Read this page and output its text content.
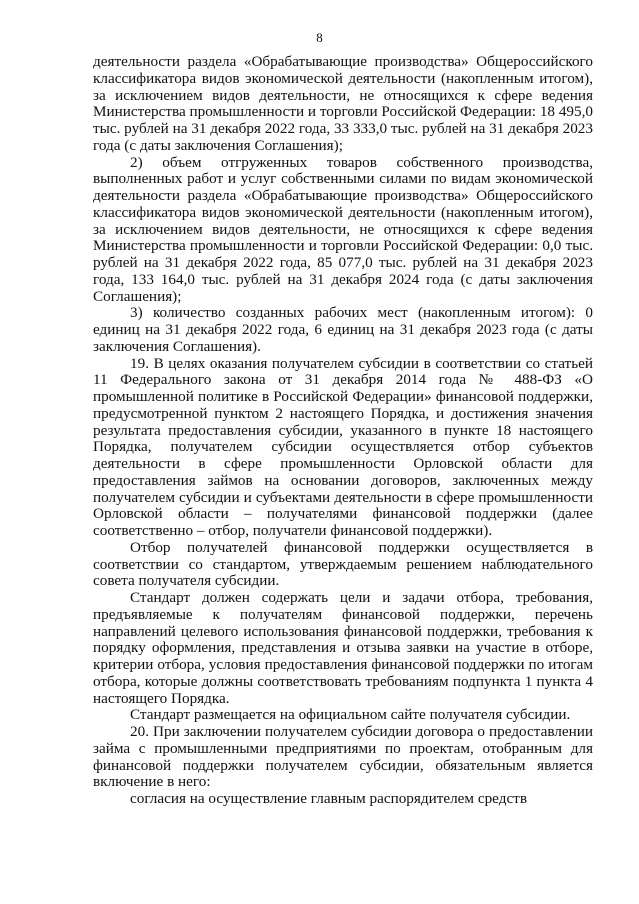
8

деятельности раздела «Обрабатывающие производства» Общероссийского классификатора видов экономической деятельности (накопленным итогом), за исключением видов деятельности, не относящихся к сфере ведения Министерства промышленности и торговли Российской Федерации: 18 495,0 тыс. рублей на 31 декабря 2022 года, 33 333,0 тыс. рублей на 31 декабря 2023 года (с даты заключения Соглашения);

2) объем отгруженных товаров собственного производства, выполненных работ и услуг собственными силами по видам экономической деятельности раздела «Обрабатывающие производства» Общероссийского классификатора видов экономической деятельности (накопленным итогом), за исключением видов деятельности, не относящихся к сфере ведения Министерства промышленности и торговли Российской Федерации: 0,0 тыс. рублей на 31 декабря 2022 года, 85 077,0 тыс. рублей на 31 декабря 2023 года, 133 164,0 тыс. рублей на 31 декабря 2024 года (с даты заключения Соглашения);

3) количество созданных рабочих мест (накопленным итогом): 0 единиц на 31 декабря 2022 года, 6 единиц на 31 декабря 2023 года (с даты заключения Соглашения).

19. В целях оказания получателем субсидии в соответствии со статьей 11 Федерального закона от 31 декабря 2014 года № 488-ФЗ «О промышленной политике в Российской Федерации» финансовой поддержки, предусмотренной пунктом 2 настоящего Порядка, и достижения значения результата предоставления субсидии, указанного в пункте 18 настоящего Порядка, получателем субсидии осуществляется отбор субъектов деятельности в сфере промышленности Орловской области для предоставления займов на основании договоров, заключенных между получателем субсидии и субъектами деятельности в сфере промышленности Орловской области – получателями финансовой поддержки (далее соответственно – отбор, получатели финансовой поддержки).

Отбор получателей финансовой поддержки осуществляется в соответствии со стандартом, утверждаемым решением наблюдательного совета получателя субсидии.

Стандарт должен содержать цели и задачи отбора, требования, предъявляемые к получателям финансовой поддержки, перечень направлений целевого использования финансовой поддержки, требования к порядку оформления, представления и отзыва заявки на участие в отборе, критерии отбора, условия предоставления финансовой поддержки по итогам отбора, которые должны соответствовать требованиям подпункта 1 пункта 4 настоящего Порядка.

Стандарт размещается на официальном сайте получателя субсидии.

20. При заключении получателем субсидии договора о предоставлении займа с промышленными предприятиями по проектам, отобранным для финансовой поддержки получателем субсидии, обязательным является включение в него:

согласия на осуществление главным распорядителем средств
